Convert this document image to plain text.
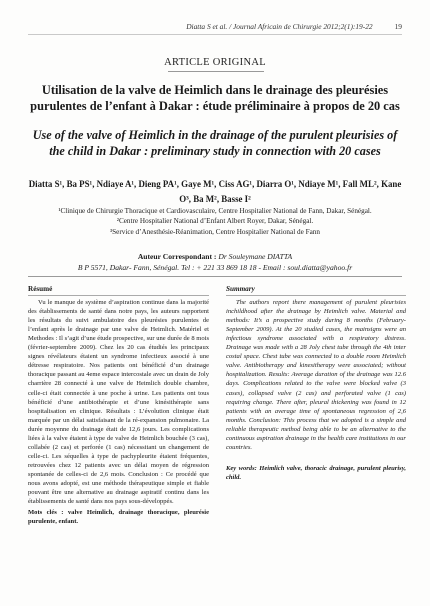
Diatta S et al. / Journal Africain de Chirurgie 2012;2(1):19-22	19
ARTICLE ORIGINAL
Utilisation de la valve de Heimlich dans le drainage des pleurésies purulentes de l’enfant à Dakar : étude préliminaire à propos de 20 cas
Use of the valve of Heimlich in the drainage of the purulent pleurisies of the child in Dakar : preliminary study in connection with 20 cases
Diatta S¹, Ba PS¹, Ndiaye A¹, Dieng PA¹, Gaye M¹, Ciss AG¹, Diarra O¹, Ndiaye M¹, Fall ML², Kane O³, Ba M², Basse I²
¹Clinique de Chirurgie Thoracique et Cardiovasculaire, Centre Hospitalier National de Fann, Dakar, Sénégal.
²Centre Hospitalier National d’Enfant Albert Royer, Dakar, Sénégal.
³Service d’Anesthésie-Réanimation, Centre Hospitalier National de Fann
Auteur Correspondant : Dr Souleymane DIATTA
B P 5571, Dakar- Fann, Sénégal. Tel : + 221 33 869 18 18 - Email : soul.diatta@yahoo.fr
Résumé

Vu le manque de système d’aspiration continue dans la majorité des établissements de santé dans notre pays, les auteurs rapportent les résultats du suivi ambulatoire des pleurésies purulentes de l’enfant après le drainage par une valve de Heimlich. Matériel et Methodes : Il s’agit d’une étude prospective, sur une durée de 8 mois (février-septembre 2009). Chez les 20 cas étudiés les principaux signes révélateurs étaient un syndrome infectieux associé à une détresse respiratoire. Nos patients ont bénéficié d’un drainage thoracique passant au 4eme espace intercostale avec un drain de Joly charrière 28 connecté à une valve de Heimlich double chambre, celle-ci était connectée à une poche à urine. Les patients ont tous bénéficié d’une antibiothérapie et d’une kinésithérapie sans hospitalisation en clinique. Résultats : L’évolution clinique était marquée par un délai satisfaisant de la ré-expansion pulmonaire. La durée moyenne du drainage était de 12,6 jours. Les complications liées à la valve étaient à type de valve de Heimlich bouchée (3 cas), collabée (2 cas) et perforée (1 cas) nécessitant un changement de celle-ci. Les séquelles à type de pachypleurite étaient fréquentes, retrouvées chez 12 patients avec un délai moyen de régression spontanée de celles-ci de 2,6 mois. Conclusion : Ce procédé que nous avons adopté, est une méthode thérapeutique simple et fiable pouvant être une alternative au drainage aspiratif continu dans les établissements de santé dans nos pays sous-développés.

Mots clés : valve Heimlich, drainage thoracique, pleurésie purulente, enfant.
Summary

The authors report there management of purulent pleurisies inchildhood after the drainage by Heimlich valve. Material and methods: It’s a prospective study during 8 months (February-September 2009). At the 20 studied cases, the mainsigns were an infectious syndrome associated with a respiratory distress. Drainage was made with a 28 Joly chest tube through the 4th inter costal space. Chest tube was connected to a double room Heimlich valve. Antibiotherapy and kinesitherapy were associated; without hospitalization. Results: Average duration of the drainage was 12.6 days. Complications related to the valve were blocked valve (3 cases), collapsed valve (2 cas) and perforated valve (1 cas) requiring change. There after, pleural thickening was found in 12 patients with an average time of spontaneous regression of 2,6 months. Conclusion: This process that we adopted is a simple and reliable therapeutic method being able to be an alternative to the continuous aspiration drainage in the health care institutions in our countries.

Key words: Heimlich valve, thoracic drainage, purulent pleurisy, child.
